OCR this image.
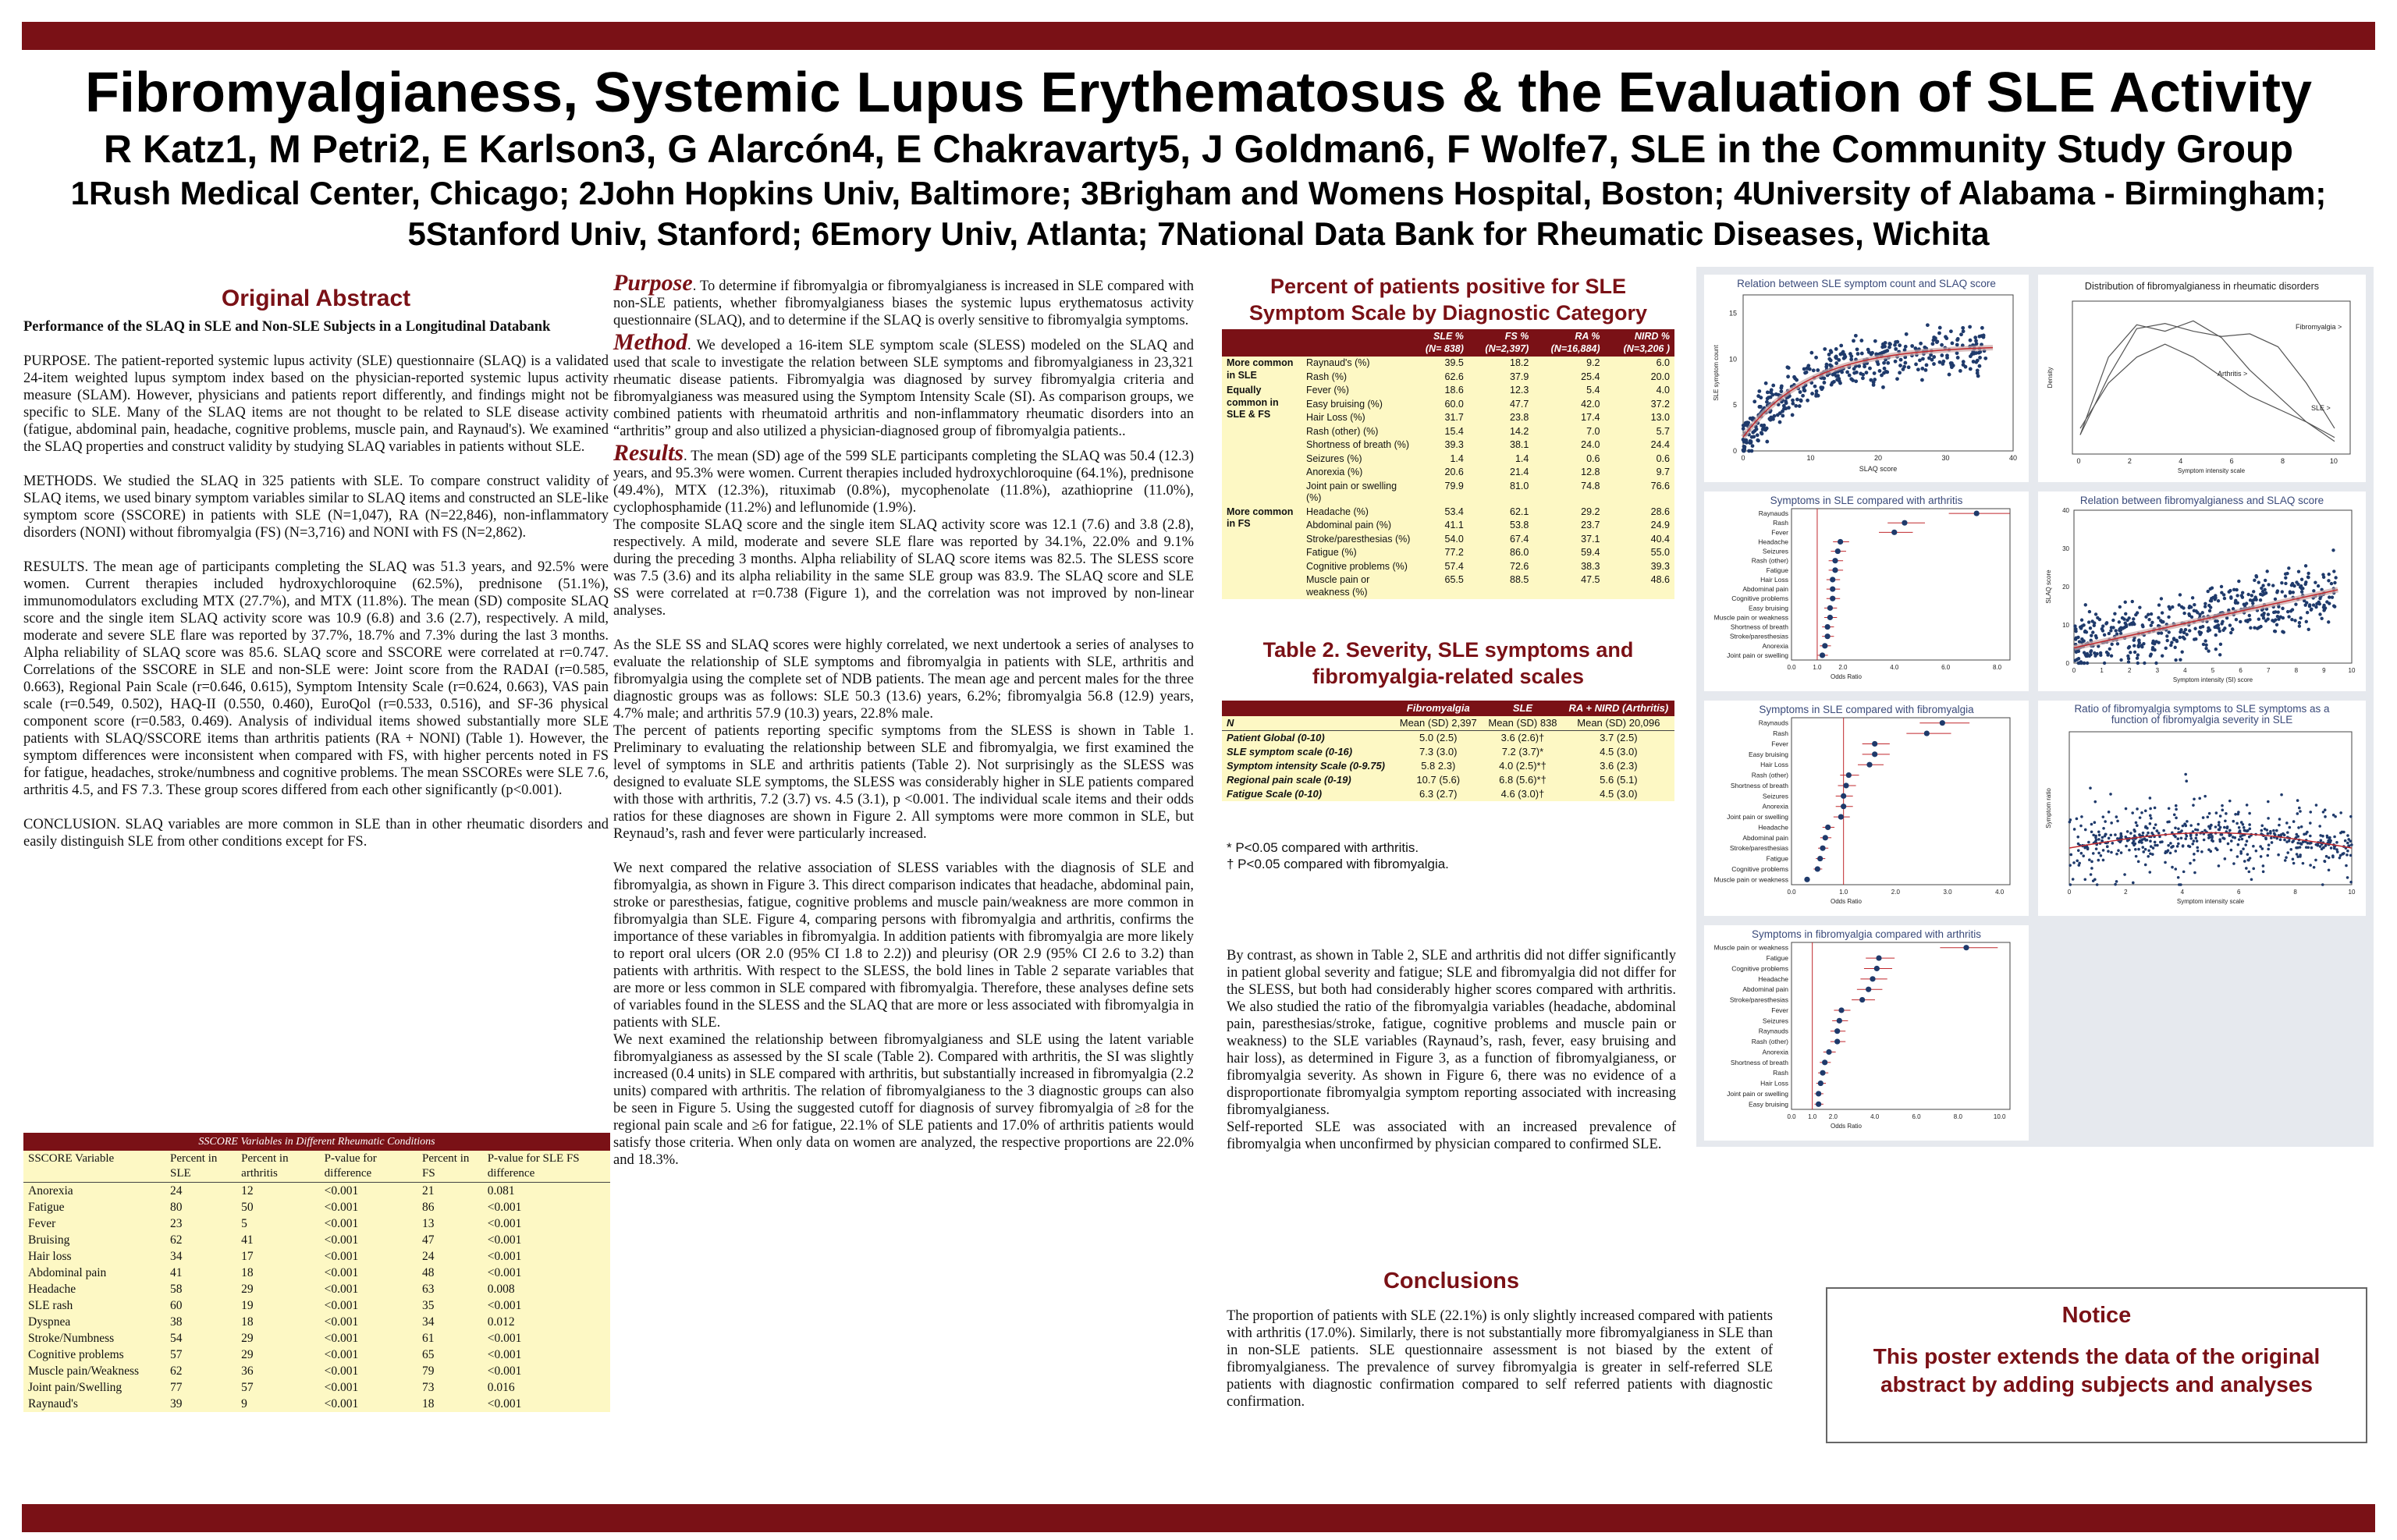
Fibromyalgianess, Systemic Lupus Erythematosus & the Evaluation of SLE Activity
R Katz1, M Petri2, E Karlson3, G Alarcón4, E Chakravarty5, J Goldman6, F Wolfe7, SLE in the Community Study Group
1Rush Medical Center, Chicago; 2John Hopkins Univ, Baltimore; 3Brigham and Womens Hospital, Boston; 4University of Alabama - Birmingham;
5Stanford Univ, Stanford; 6Emory Univ, Atlanta; 7National Data Bank for Rheumatic Diseases, Wichita
Original Abstract

Performance of the SLAQ in SLE and Non-SLE Subjects in a Longitudinal Databank

PURPOSE. The patient-reported systemic lupus activity (SLE) questionnaire (SLAQ) is a validated 24-item weighted lupus symptom index based on the physician-reported systemic lupus activity measure (SLAM). However, physicians and patients report differently, and findings might not be specific to SLE. Many of the SLAQ items are not thought to be related to SLE disease activity (fatigue, abdominal pain, headache, cognitive problems, muscle pain, and Raynaud's). We examined the SLAQ properties and construct validity by studying SLAQ variables in patients without SLE.

METHODS. We studied the SLAQ in 325 patients with SLE. To compare construct validity of SLAQ items, we used binary symptom variables similar to SLAQ items and constructed an SLE-like symptom score (SSCORE) in patients with SLE (N=1,047), RA (N=22,846), non-inflammatory disorders (NONI) without fibromyalgia (FS) (N=3,716) and NONI with FS (N=2,862).

RESULTS. The mean age of participants completing the SLAQ was 51.3 years, and 92.5% were women. Current therapies included hydroxychloroquine (62.5%), prednisone (51.1%), immunomodulators excluding MTX (27.7%), and MTX (11.8%). The mean (SD) composite SLAQ score and the single item SLAQ activity score was 10.9 (6.8) and 3.6 (2.7), respectively. A mild, moderate and severe SLE flare was reported by 37.7%, 18.7% and 7.3% during the last 3 months. Alpha reliability of SLAQ score was 85.6. SLAQ score and SSCORE were correlated at r=0.747. Correlations of the SSCORE in SLE and non-SLE were: Joint score from the RADAI (r=0.585, 0.663), Regional Pain Scale (r=0.646, 0.615), Symptom Intensity Scale (r=0.624, 0.663), VAS pain scale (r=0.549, 0.502), HAQ-II (0.550, 0.460), EuroQol (r=0.533, 0.516), and SF-36 physical component score (r=0.583, 0.469). Analysis of individual items showed substantially more SLE patients with SLAQ/SSCORE items than arthritis patients (RA + NONI) (Table 1). However, the symptom differences were inconsistent when compared with FS, with higher percents noted in FS for fatigue, headaches, stroke/numbness and cognitive problems. The mean SSCOREs were SLE 7.6, arthritis 4.5, and FS 7.3. These group scores differed from each other significantly (p<0.001).

CONCLUSION. SLAQ variables are more common in SLE than in other rheumatic disorders and easily distinguish SLE from other conditions except for FS.

SSCORE Variables in Different Rheumatic Conditions					
SSCORE Variable	Percent in SLE	Percent in arthritis	P-value for difference	Percent in FS	P-value for SLE FS difference
Anorexia	24	12	<0.001	21	0.081
Fatigue	80	50	<0.001	86	<0.001
Fever	23	5	<0.001	13	<0.001
Bruising	62	41	<0.001	47	<0.001
Hair loss	34	17	<0.001	24	<0.001
Abdominal pain	41	18	<0.001	48	<0.001
Headache	58	29	<0.001	63	0.008
SLE rash	60	19	<0.001	35	<0.001
Dyspnea	38	18	<0.001	34	0.012
Stroke/Numbness	54	29	<0.001	61	<0.001
Cognitive problems	57	29	<0.001	65	<0.001
Muscle pain/Weakness	62	36	<0.001	79	<0.001
Joint pain/Swelling	77	57	<0.001	73	0.016
Raynaud's	39	9	<0.001	18	<0.001

Purpose. To determine if fibromyalgia or fibromyalgianess is increased in SLE compared with non-SLE patients, whether fibromyalgianess biases the systemic lupus erythematosus activity questionnaire (SLAQ), and to determine if the SLAQ is overly sensitive to fibromyalgia symptoms.

Method. We developed a 16-item SLE symptom scale (SLESS) modeled on the SLAQ and used that scale to investigate the relation between SLE symptoms and fibromyalgianess in 23,321 rheumatic disease patients. Fibromyalgia was diagnosed by survey fibromyalgia criteria and fibromyalgianess was measured using the Symptom Intensity Scale (SI). As comparison groups, we combined patients with rheumatoid arthritis and non-inflammatory rheumatic disorders into an “arthritis” group and also utilized a physician-diagnosed group of fibromyalgia patients..

Results. The mean (SD) age of the 599 SLE participants completing the SLAQ was 50.4 (12.3) years, and 95.3% were women. Current therapies included hydroxychloroquine (64.1%), prednisone (49.4%), MTX (12.3%), rituximab (0.8%), mycophenolate (11.8%), azathioprine (11.0%), cyclophosphamide (11.2%) and leflunomide (1.9%).

The composite SLAQ score and the single item SLAQ activity score was 12.1 (7.6) and 3.8 (2.8), respectively. A mild, moderate and severe SLE flare was reported by 34.1%, 22.0% and 9.1% during the preceding 3 months. Alpha reliability of SLAQ score items was 82.5. The SLESS score was 7.5 (3.6) and its alpha reliability in the same SLE group was 83.9. The SLAQ score and SLE SS were correlated at r=0.738 (Figure 1), and the correlation was not improved by non-linear analyses.

As the SLE SS and SLAQ scores were highly correlated, we next undertook a series of analyses to evaluate the relationship of SLE symptoms and fibromyalgia in patients with SLE, arthritis and fibromyalgia using the complete set of NDB patients. The mean age and percent males for the three diagnostic groups was as follows: SLE 50.3 (13.6) years, 6.2%; fibromyalgia 56.8 (12.9) years, 4.7% male; and arthritis 57.9 (10.3) years, 22.8% male.

The percent of patients reporting specific symptoms from the SLESS is shown in Table 1. Preliminary to evaluating the relationship between SLE and fibromyalgia, we first examined the level of symptoms in SLE and arthritis patients (Table 2). Not surprisingly as the SLESS was designed to evaluate SLE symptoms, the SLESS was considerably higher in SLE patients compared with those with arthritis, 7.2 (3.7) vs. 4.5 (3.1), p <0.001. The individual scale items and their odds ratios for these diagnoses are shown in Figure 2. All symptoms were more common in SLE, but Reynaud’s, rash and fever were particularly increased.

We next compared the relative association of SLESS variables with the diagnosis of SLE and fibromyalgia, as shown in Figure 3. This direct comparison indicates that headache, abdominal pain, stroke or paresthesias, fatigue, cognitive problems and muscle pain/weakness are more common in fibromyalgia than SLE. Figure 4, comparing persons with fibromyalgia and arthritis, confirms the importance of these variables in fibromyalgia. In addition patients with fibromyalgia are more likely to report oral ulcers (OR 2.0 (95% CI 1.8 to 2.2)) and pleurisy (OR 2.9 (95% CI 2.6 to 3.2) than patients with arthritis. With respect to the SLESS, the bold lines in Table 2 separate variables that are more or less common in SLE compared with fibromyalgia. Therefore, these analyses define sets of variables found in the SLESS and the SLAQ that are more or less associated with fibromyalgia in patients with SLE.

We next examined the relationship between fibromyalgianess and SLE using the latent variable fibromyalgianess as assessed by the SI scale (Table 2). Compared with arthritis, the SI was slightly increased (0.4 units) in SLE compared with arthritis, but substantially increased in fibromyalgia (2.2 units) compared with arthritis. The relation of fibromyalgianess to the 3 diagnostic groups can also be seen in Figure 5. Using the suggested cutoff for diagnosis of survey fibromyalgia of ≥8 for the regional pain scale and ≥6 for fatigue, 22.1% of SLE patients and 17.0% of arthritis patients would satisfy those criteria. When only data on women are analyzed, the respective proportions are 22.0% and 18.3%.

Percent of patients positive for SLE Symptom Scale by Diagnostic Category
		SLE % (N= 838)	FS % (N=2,397)	RA % (N=16,884)	NIRD % (N=3,206 )
More common in SLE	Raynaud's (%)	39.5	18.2	9.2	6.0
	Rash (%)	62.6	37.9	25.4	20.0
Equally common in SLE & FS	Fever (%)	18.6	12.3	5.4	4.0
	Easy bruising (%)	60.0	47.7	42.0	37.2
	Hair Loss (%)	31.7	23.8	17.4	13.0
	Rash (other) (%)	15.4	14.2	7.0	5.7
	Shortness of breath (%)	39.3	38.1	24.0	24.4
	Seizures (%)	1.4	1.4	0.6	0.6
	Anorexia (%)	20.6	21.4	12.8	9.7
	Joint pain or swelling (%)	79.9	81.0	74.8	76.6
More common in FS	Headache (%)	53.4	62.1	29.2	28.6
	Abdominal pain (%)	41.1	53.8	23.7	24.9
	Stroke/paresthesias (%)	54.0	67.4	37.1	40.4
	Fatigue (%)	77.2	86.0	59.4	55.0
	Cognitive problems (%)	57.4	72.6	38.3	39.3
	Muscle pain or weakness (%)	65.5	88.5	47.5	48.6
Table 2. Severity, SLE symptoms and fibromyalgia-related scales
	Fibromyalgia	SLE	RA + NIRD (Arthritis)
N	Mean (SD) 2,397	Mean (SD) 838	Mean (SD) 20,096
Patient Global (0-10)	5.0 (2.5)	3.6 (2.6)†	3.7 (2.5)
SLE symptom scale (0-16)	7.3 (3.0)	7.2 (3.7)*	4.5 (3.0)
Symptom intensity Scale (0-9.75)	5.8 2.3)	4.0 (2.5)*†	3.6 (2.3)
Regional pain scale (0-19)	10.7 (5.6)	6.8 (5.6)*†	5.6 (5.1)
Fatigue Scale (0-10)	6.3 (2.7)	4.6 (3.0)†	4.5 (3.0)
* P<0.05 compared with arthritis.
† P<0.05 compared with fibromyalgia.

By contrast, as shown in Table 2, SLE and arthritis did not differ significantly in patient global severity and fatigue; SLE and fibromyalgia did not differ for the SLESS, but both had considerably higher scores compared with arthritis. We also studied the ratio of the fibromyalgia variables (headache, abdominal pain, paresthesias/stroke, fatigue, cognitive problems and muscle pain or weakness) to the SLE variables (Raynaud’s, rash, fever, easy bruising and hair loss), as determined in Figure 3, as a function of fibromyalgianess, or fibromyalgia severity. As shown in Figure 6, there was no evidence of a disproportionate fibromyalgia symptom reporting associated with increasing fibromyalgianess.

Self-reported SLE was associated with an increased prevalence of fibromyalgia when unconfirmed by physician compared to confirmed SLE.

Conclusions
The proportion of patients with SLE (22.1%) is only slightly increased compared with patients with arthritis (17.0%). Similarly, there is not substantially more fibromyalgianess in SLE than in non-SLE patients. SLE questionnaire assessment is not biased by the extent of fibromyalgianess. The prevalence of survey fibromyalgia is greater in self-referred SLE patients with diagnostic confirmation compared to self referred patients with diagnostic confirmation.
Notice
This poster extends the data of the original abstract by adding subjects and analyses
Relation between SLE symptom count and SLAQ score
0	10	20	30	40
0
5
10
15
SLAQ score
SLE symptom count
Distribution of fibromyalgianess in rheumatic disorders
0	2	4	6	8	10
Symptom intensity scale
Density
Fibromyalgia >
Arthritis >
SLE >
Symptoms in SLE compared with arthritis
Raynauds
Rash
Fever
Headache
Seizures
Rash (other)
Fatigue
Hair Loss
Abdominal pain
Cognitive problems
Easy bruising
Muscle pain or weakness
Shortness of breath
Stroke/paresthesias
Anorexia
Joint pain or swelling
0.0	1.0	2.0	4.0	6.0	8.0
Odds Ratio
Relation between fibromyalgianess and SLAQ score
0	1	2	3	4	5	6	7	8	9	10
0
10
20
30
40
Symptom intensity (SI) score
SLAQ score
Symptoms in SLE compared with fibromyalgia
Raynauds
Rash
Fever
Easy bruising
Hair Loss
Rash (other)
Shortness of breath
Seizures
Anorexia
Joint pain or swelling
Headache
Abdominal pain
Stroke/paresthesias
Fatigue
Cognitive problems
Muscle pain or weakness
0.0	1.0	2.0	3.0	4.0
Odds Ratio
Ratio of fibromyalgia symptoms to SLE symptoms as a function of fibromyalgia severity in SLE
0	2	4	6	8	10
Symptom intensity scale
Symptom ratio
Symptoms in fibromyalgia compared with arthritis
Muscle pain or weakness
Fatigue
Cognitive problems
Headache
Abdominal pain
Stroke/paresthesias
Fever
Seizures
Raynauds
Rash (other)
Anorexia
Shortness of breath
Rash
Hair Loss
Joint pain or swelling
Easy bruising
0.0 1.0 2.0	4.0	6.0	8.0	10.0
Odds Ratio
